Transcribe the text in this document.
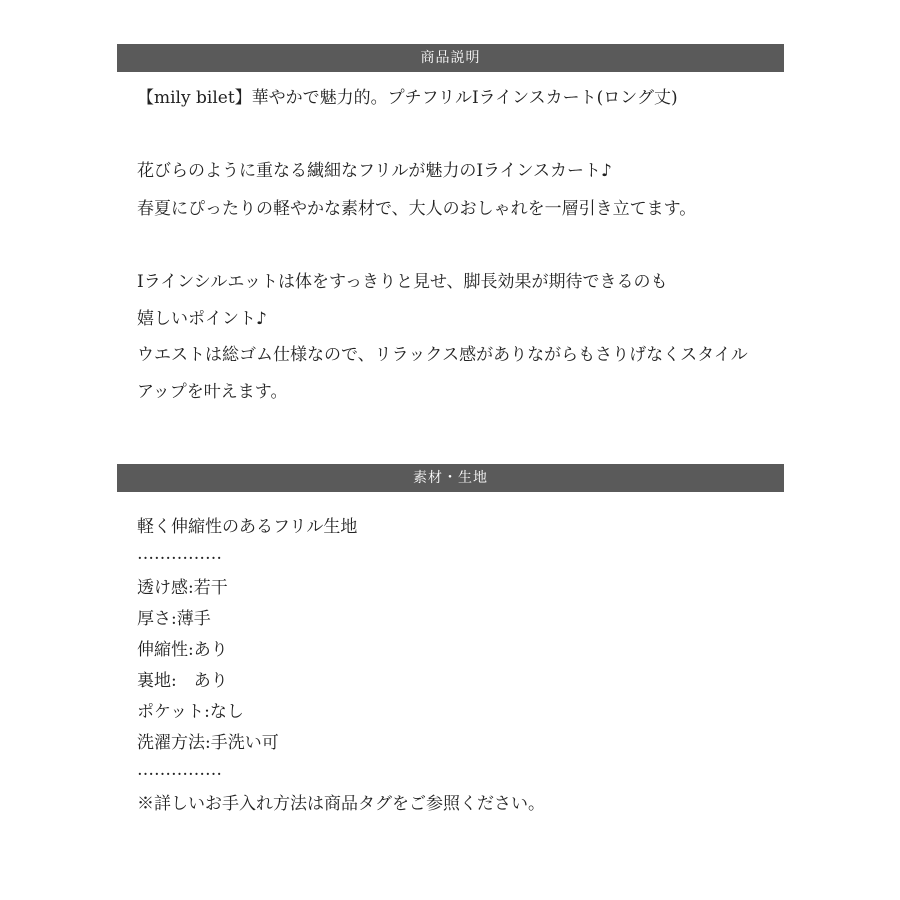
商品説明
【mily bilet】華やかで魅力的。プチフリルIラインスカート(ロング丈)
花びらのように重なる繊細なフリルが魅力のIラインスカート♪
春夏にぴったりの軽やかな素材で、大人のおしゃれを一層引き立てます。
Iラインシルエットは体をすっきりと見せ、脚長効果が期待できるのも
嬉しいポイント♪
ウエストは総ゴム仕様なので、リラックス感がありながらもさりげなくスタイル
アップを叶えます。
素材・生地
軽く伸縮性のあるフリル生地
……………
透け感:若干
厚さ:薄手
伸縮性:あり
裏地:　あり
ポケット:なし
洗濯方法:手洗い可
……………
※詳しいお手入れ方法は商品タグをご参照ください。
